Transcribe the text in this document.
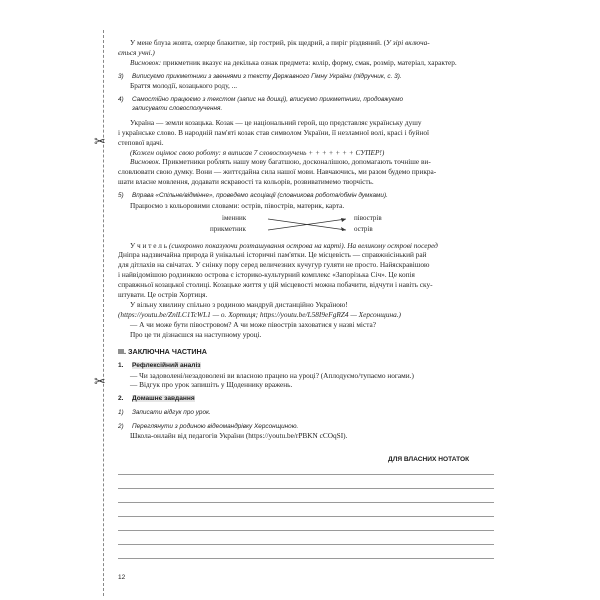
✂
✂

У мене блуза жовта, озерце блакитне, зір гострий, рік щедрий, а пиріг різдвяний. (У зірі включа-

ється учні.)

Висновок: прикметник вказує на декілька ознак предмета: колір, форму, смак, розмір, матеріал, характер.

3) Виписуємо прикметники з звеннями з тексту Державного Гімну України (підручник, с. 3).

Браття молодії, козацького роду, ...

4) Самостійно працюємо з текстом (запис на дошці), вписуємо прикметники, продовжуємо

записувати словосполучення.

Україна — земли козацька. Козак — це національний герой, що представляє українську душу

і українське слово. В народній пам'яті козак став символом України, її незламної волі, красі і буйної

степової вдачі.

(Кожен оцінює свою роботу: я виписав 7 словосполучень + + + + + + + СУПЕР!)

Висновок. Прикметники роблять нашу мову багатшою, досконалішою, допомагають точніше ви-

словлювати свою думку. Вони — життєдайна сила нашої мови. Навчаючись, ми разом будемо прикра-

шати власне мовлення, додавати яскравості та кольорів, розвиватимемо творчість.

5) Вправа «Спільне/відмінне», проведемо асоціації (словникова робота/обмін думками).

Працюємо з кольоровими словами: острів, півострів, материк, карта.

іменник
прикметник
півострів
острів

У ч и т е л ь (синхронно показуючи розташування острова на карті). На великому острові посеред

Дніпра надзвичайна природа й унікальні історичні пам'ятки. Це місцевість — справжнісінький рай

для дітлахів на свічатах. У снінку пору серед величезних кучугур гуляти не просто. Найяскравішою

і найвідомішою родзинкою острова є історико-культурний комплекс «Запорізька Січ». Це копія

справжньої козацької столиці. Козацьке життя у цій місцевості можна побачити, відчути і навіть ску-

штувати. Це острів Хортиця.

У вільну хвилину спільно з родиною мандруй дистанційно Україною!

(https://youtu.be/ZnlLC1TcWL1 — о. Хортиця; https://youtu.be/L58I9eFgRZ4 — Херсонщина.)

— А чи може бути півостровом? А чи може півострів заховатися у назві міста?

Про це ти дізнаєшся на наступному уроці.

III. ЗАКЛЮЧНА ЧАСТИНА

1. Рефлексійний аналіз

— Чи задоволені/незадоволені ви власною працею на уроці? (Аплодуємо/тупаємо ногами.)

— Відгук про урок запишіть у Щоденнику вражень.

2. Домашнє завдання

1) Записати відгук про урок.

2) Переглянути з родиною відеомандрівку Херсонщиною.

Школа-онлайн від педагогів України (https://youtu.be/rPBKN cCOqSI).

ДЛЯ ВЛАСНИХ НОТАТОК
12
